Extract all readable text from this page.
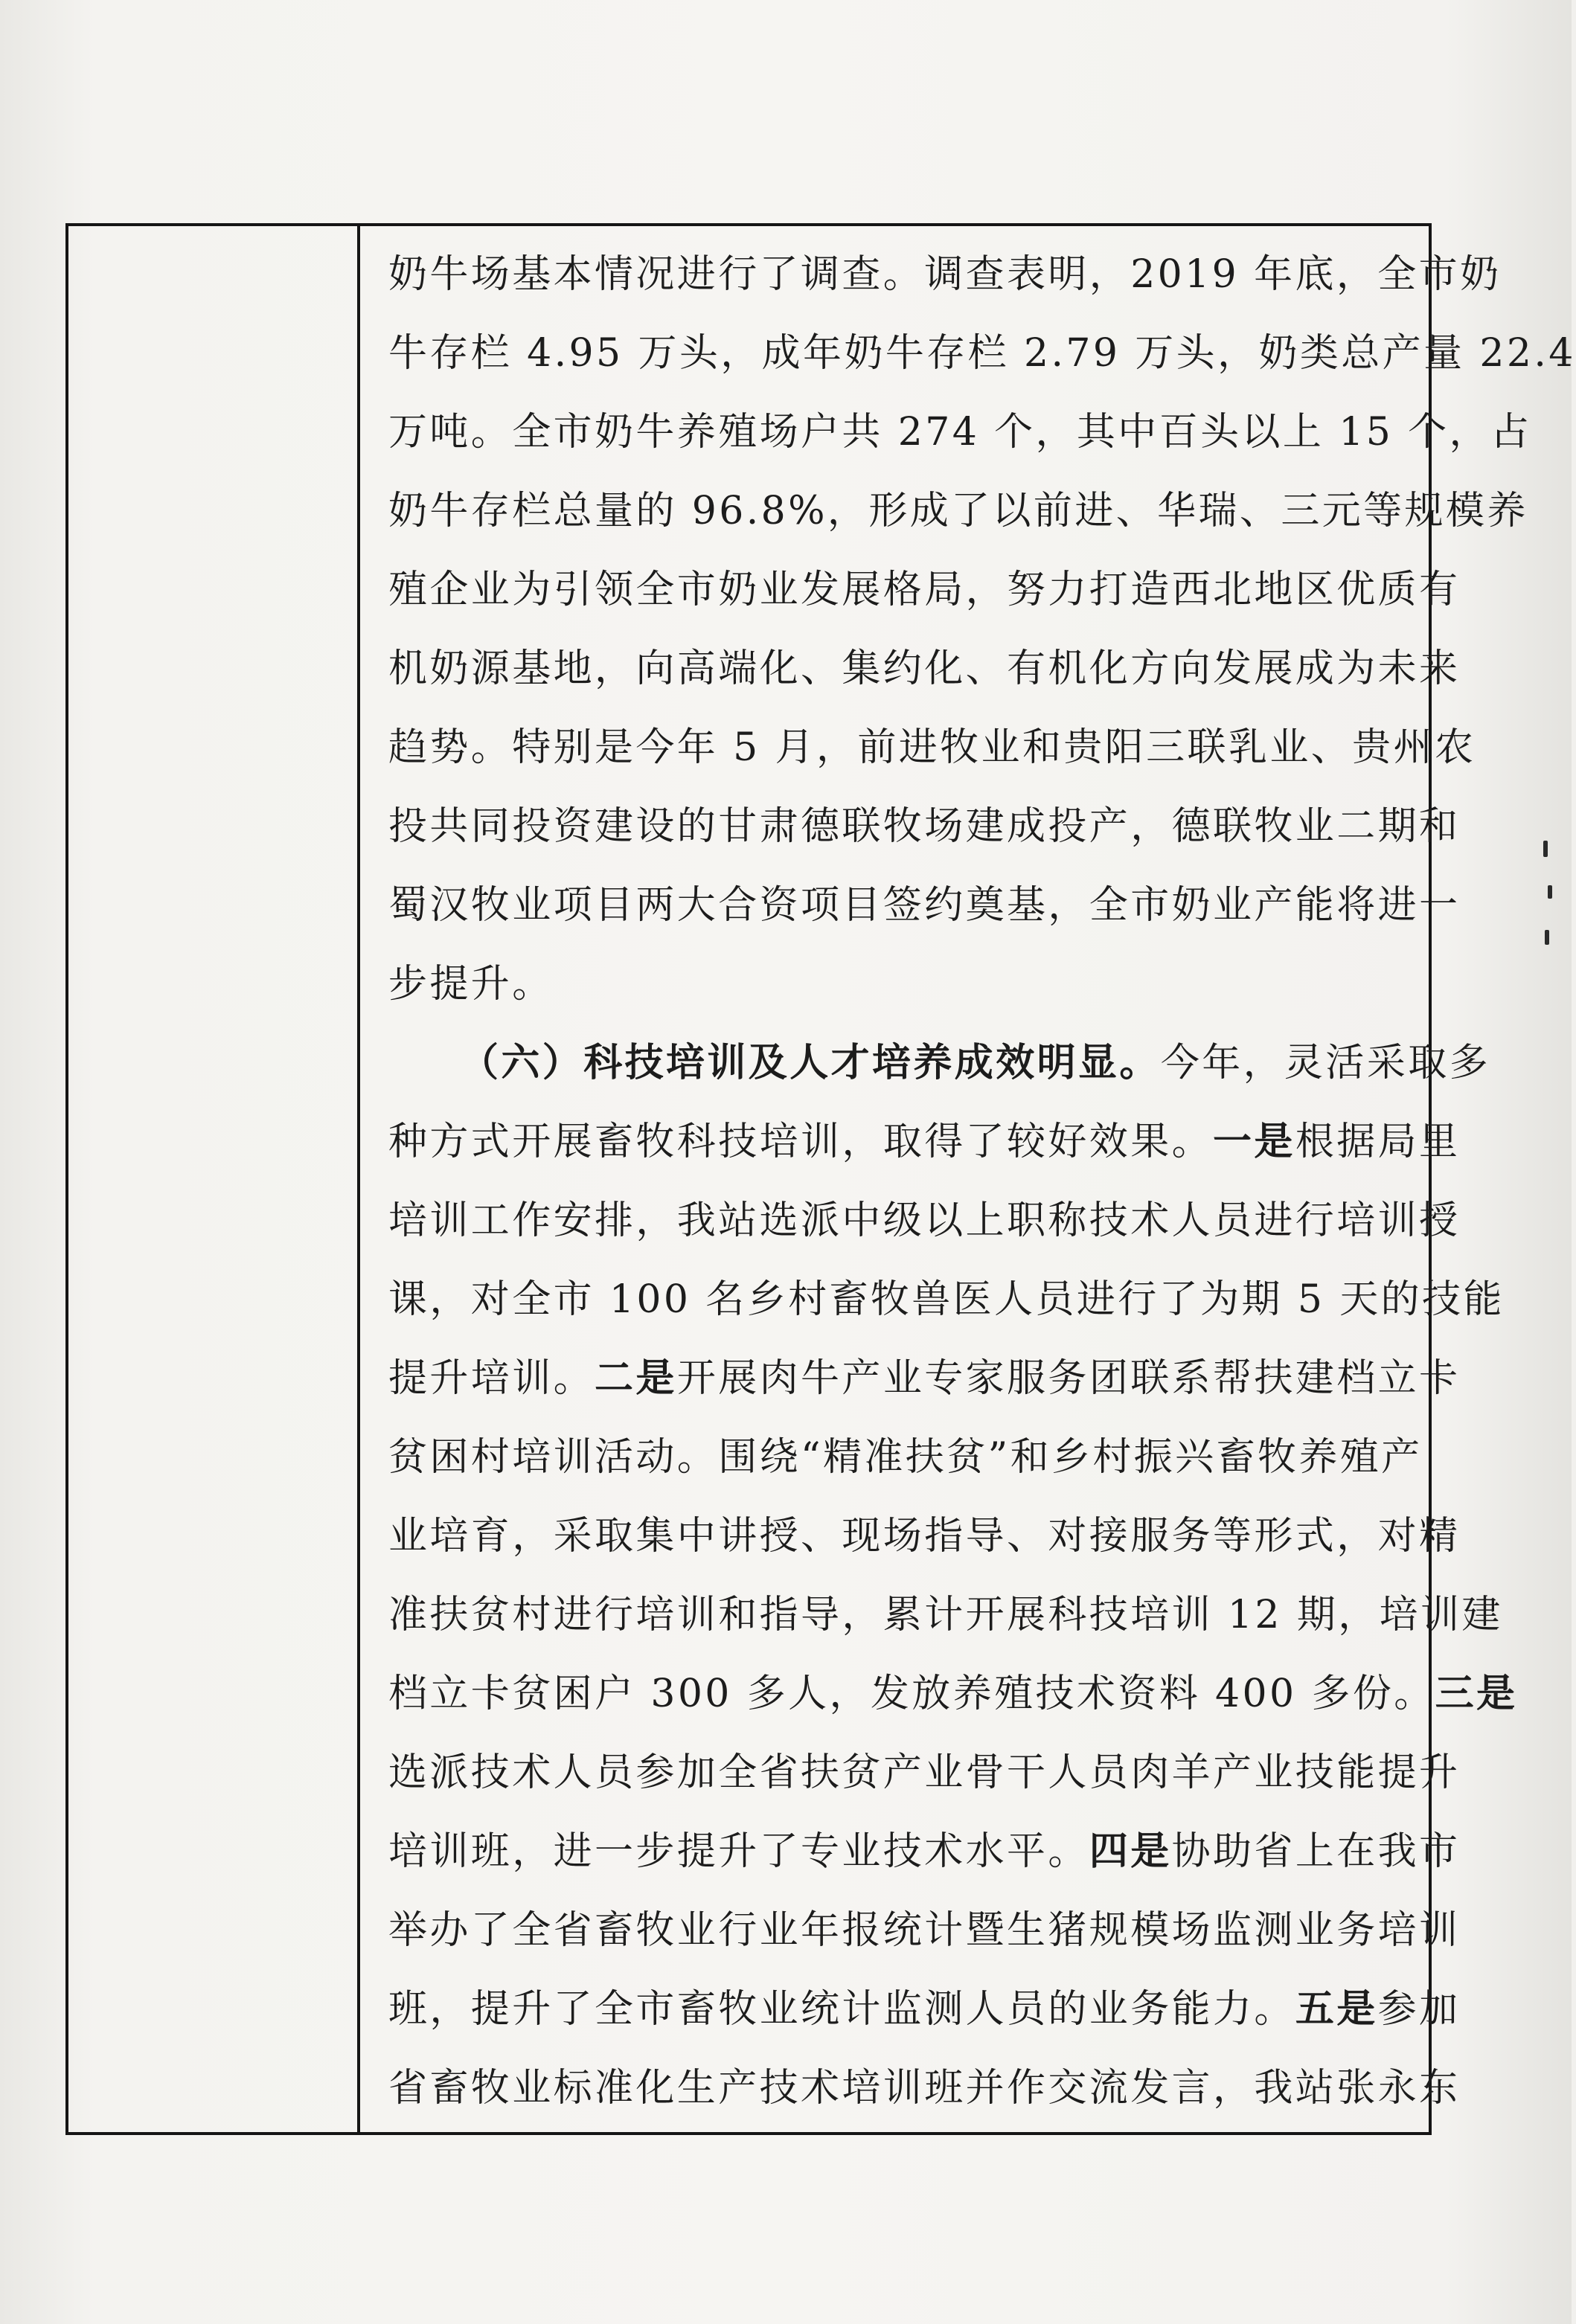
奶牛场基本情况进行了调查。调查表明，2019 年底，全市奶
牛存栏 4.95 万头，成年奶牛存栏 2.79 万头，奶类总产量 22.4
万吨。全市奶牛养殖场户共 274 个，其中百头以上 15 个，占
奶牛存栏总量的 96.8%，形成了以前进、华瑞、三元等规模养
殖企业为引领全市奶业发展格局，努力打造西北地区优质有
机奶源基地，向高端化、集约化、有机化方向发展成为未来
趋势。特别是今年 5 月，前进牧业和贵阳三联乳业、贵州农
投共同投资建设的甘肃德联牧场建成投产，德联牧业二期和
蜀汉牧业项目两大合资项目签约奠基，全市奶业产能将进一
步提升。
（六）科技培训及人才培养成效明显。今年，灵活采取多
种方式开展畜牧科技培训，取得了较好效果。一是根据局里
培训工作安排，我站选派中级以上职称技术人员进行培训授
课，对全市 100 名乡村畜牧兽医人员进行了为期 5 天的技能
提升培训。二是开展肉牛产业专家服务团联系帮扶建档立卡
贫困村培训活动。围绕“精准扶贫”和乡村振兴畜牧养殖产
业培育，采取集中讲授、现场指导、对接服务等形式，对精
准扶贫村进行培训和指导，累计开展科技培训 12 期，培训建
档立卡贫困户 300 多人，发放养殖技术资料 400 多份。三是
选派技术人员参加全省扶贫产业骨干人员肉羊产业技能提升
培训班，进一步提升了专业技术水平。四是协助省上在我市
举办了全省畜牧业行业年报统计暨生猪规模场监测业务培训
班，提升了全市畜牧业统计监测人员的业务能力。五是参加
省畜牧业标准化生产技术培训班并作交流发言，我站张永东
